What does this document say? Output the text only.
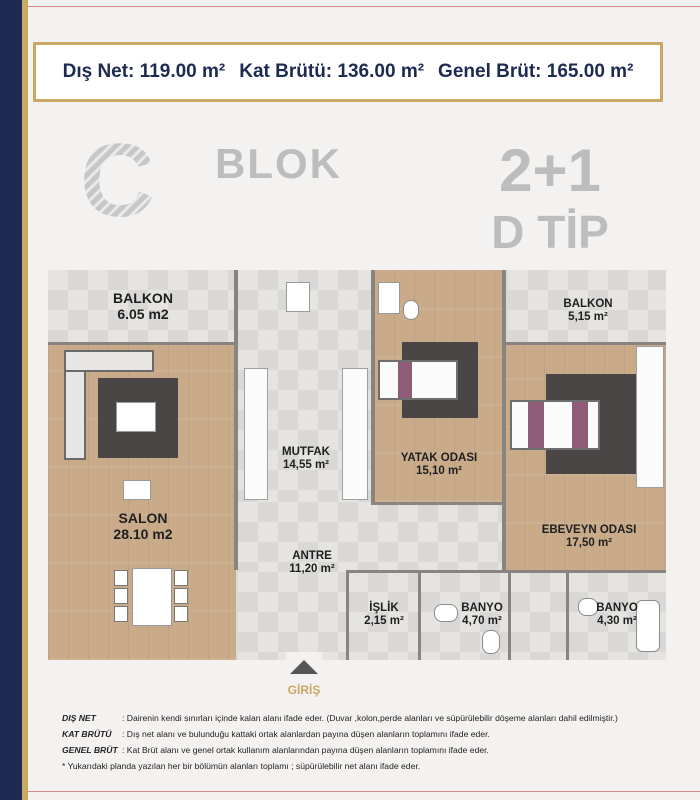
Dış Net: 119.00 m² Kat Brütü: 136.00 m² Genel Brüt: 165.00 m²
C BLOK	2+1
D TİP
BALKON
6.05 m2
SALON
28.10 m2
MUTFAK
14,55 m²
YATAK ODASI
15,10 m²
BALKON
5,15 m²
EBEVEYN ODASI
17,50 m²
ANTRE
11,20 m²
İŞLİK
2,15 m²
BANYO
4,70 m²
BANYO
4,30 m²
GİRİŞ
DIŞ NET	: Dairenin kendi sınırları içinde kalan alanı ifade eder. (Duvar ,kolon,perde alanları ve süpürülebilir döşeme alanları dahil edilmiştir.)
KAT BRÜTÜ	: Dış net alanı ve bulunduğu kattaki ortak alanlardan payına düşen alanların toplamını ifade eder.
GENEL BRÜT : Kat Brüt alanı ve genel ortak kullanım alanlarından payına düşen alanların toplamını ifade eder.
* Yukarıdaki planda yazılan her bir bölümün alanları toplamı ; süpürülebilir net alanı ifade eder.
